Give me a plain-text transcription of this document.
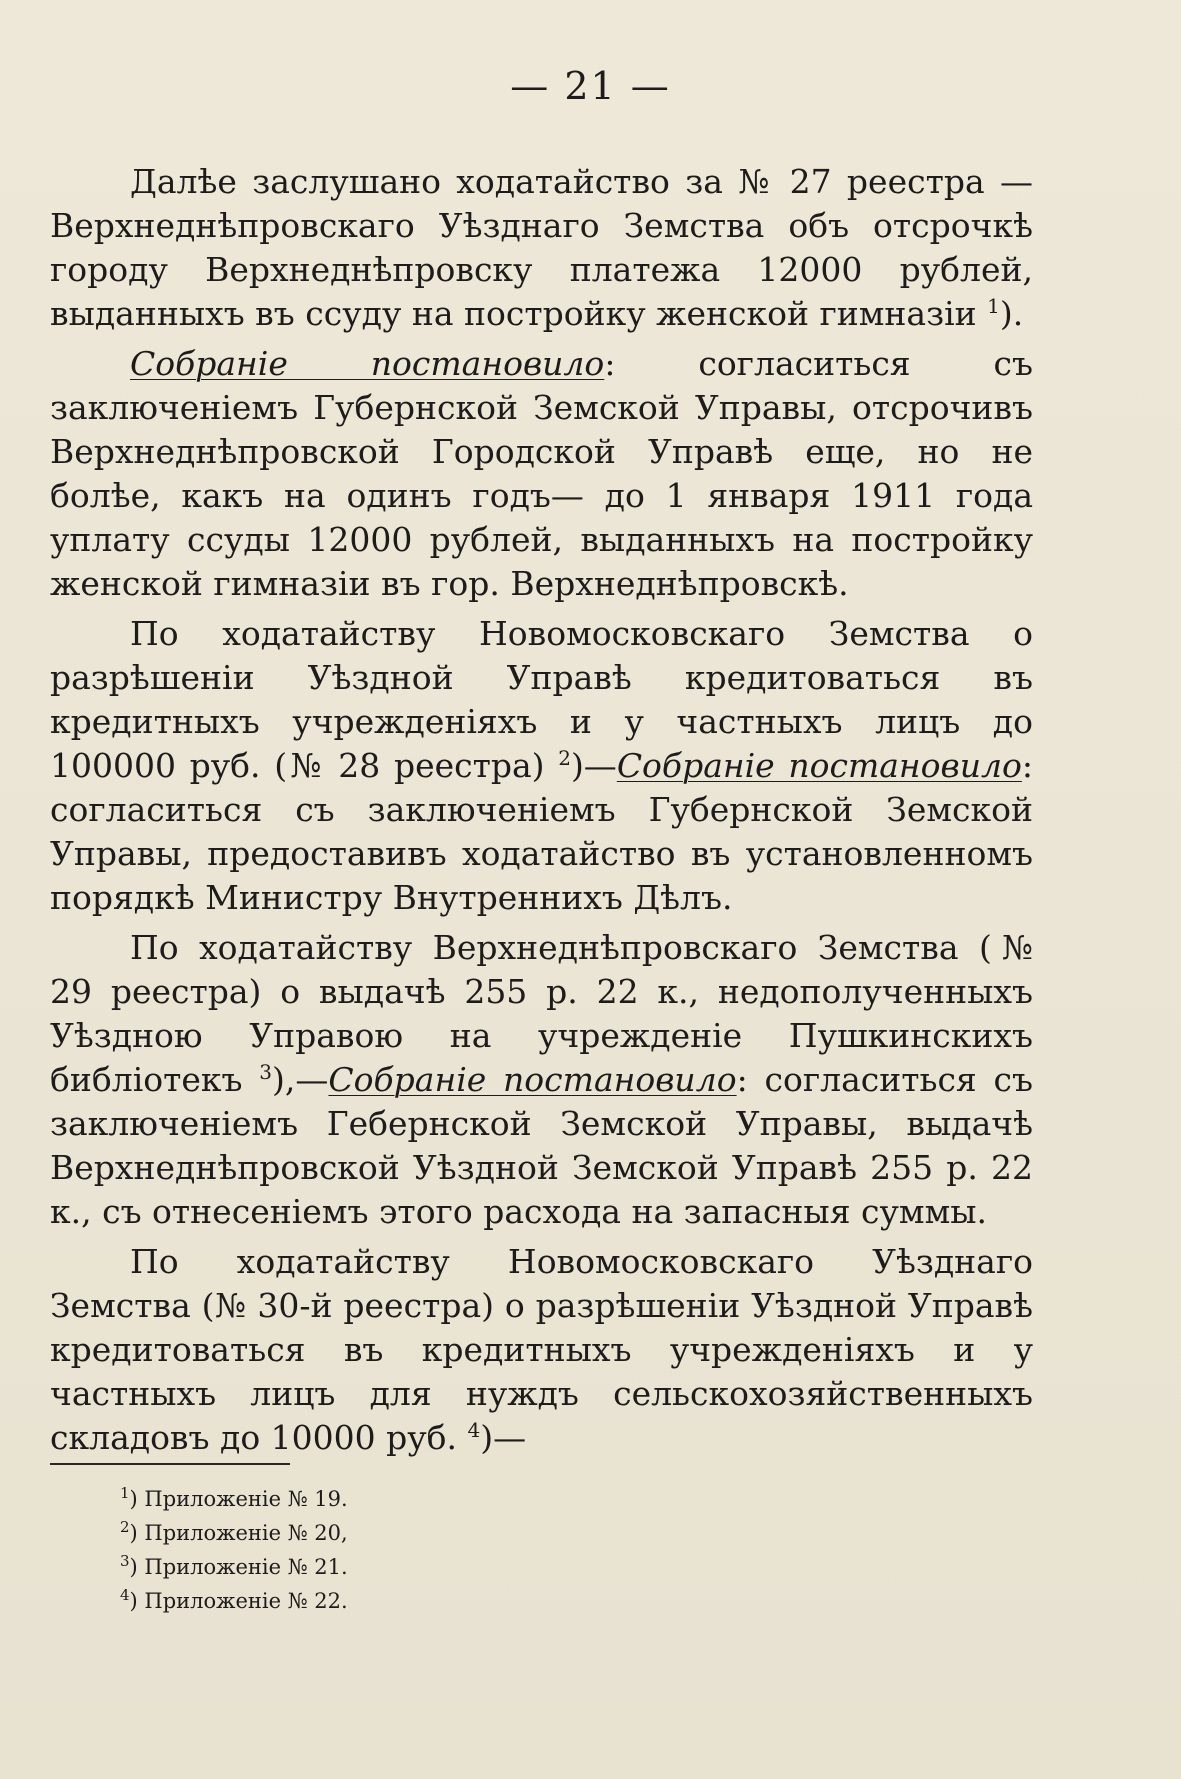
— 21 —

Далѣе заслушано ходатайство за № 27 реестра — Верхнеднѣпровскаго Уѣзднаго Земства объ отсрочкѣ городу Верхнеднѣпровску платежа 12000 рублей, выданныхъ въ ссуду на постройку женской гимназіи $^1$).

Собраніе постановило: согласиться съ заключеніемъ Губернской Земской Управы, отсрочивъ Верхнеднѣпровской Городской Управѣ еще, но не болѣе, какъ на одинъ годъ— до 1 января 1911 года уплату ссуды 12000 рублей, выданныхъ на постройку женской гимназіи въ гор. Верхнеднѣпровскѣ.

По ходатайству Новомосковскаго Земства о разрѣшеніи Уѣздной Управѣ кредитоваться въ кредитныхъ учрежденіяхъ и у частныхъ лицъ до 100000 руб. (№ 28 реестра) $^2$)—Собраніе постановило: согласиться съ заключеніемъ Губернской Земской Управы, предоставивъ ходатайство въ установленномъ порядкѣ Министру Внутреннихъ Дѣлъ.

По ходатайству Верхнеднѣпровскаго Земства (№ 29 реестра) о выдачѣ 255 р. 22 к., недополученныхъ Уѣздною Управою на учрежденіе Пушкинскихъ библіотекъ $^3$),—Собраніе постановило: согласиться съ заключеніемъ Гебернской Земской Управы, выдачѣ Верхнеднѣпровской Уѣздной Земской Управѣ 255 р. 22 к., съ отнесеніемъ этого расхода на запасныя суммы.

По ходатайству Новомосковскаго Уѣзднаго Земства (№ 30-й реестра) о разрѣшеніи Уѣздной Управѣ кредитоваться въ кредитныхъ учрежденіяхъ и у частныхъ лицъ для нуждъ сельскохозяйственныхъ складовъ до 10000 руб. $^4$)—

$^1$) Приложеніе № 19.
$^2$) Приложеніе № 20,
$^3$) Приложеніе № 21.
$^4$) Приложеніе № 22.
